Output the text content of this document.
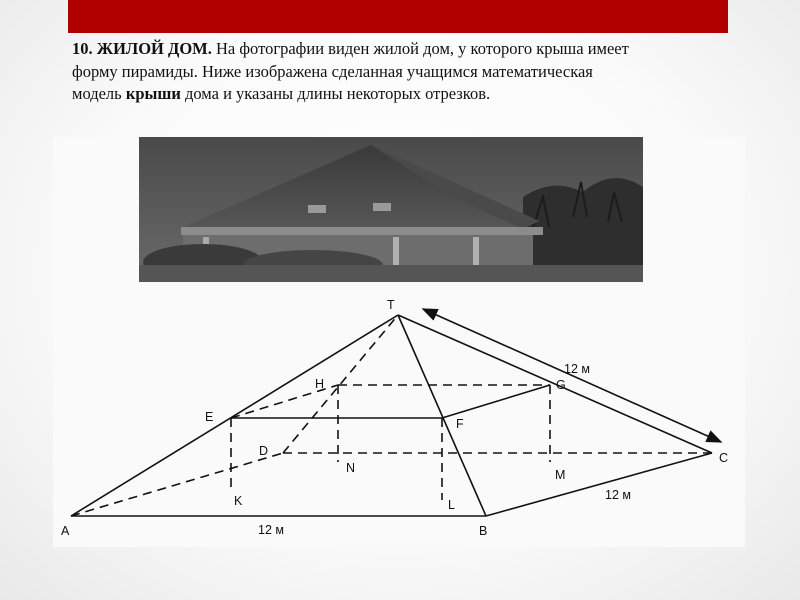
10. ЖИЛОЙ ДОМ. На фотографии виден жилой дом, у которого крыша имеет форму пирамиды. Ниже изображена сделанная учащимся математическая модель крыши дома и указаны длины некоторых отрезков.
T
H	G
E	F
D	C
N	M
K	L
A	B
12 м
12 м
12 м
